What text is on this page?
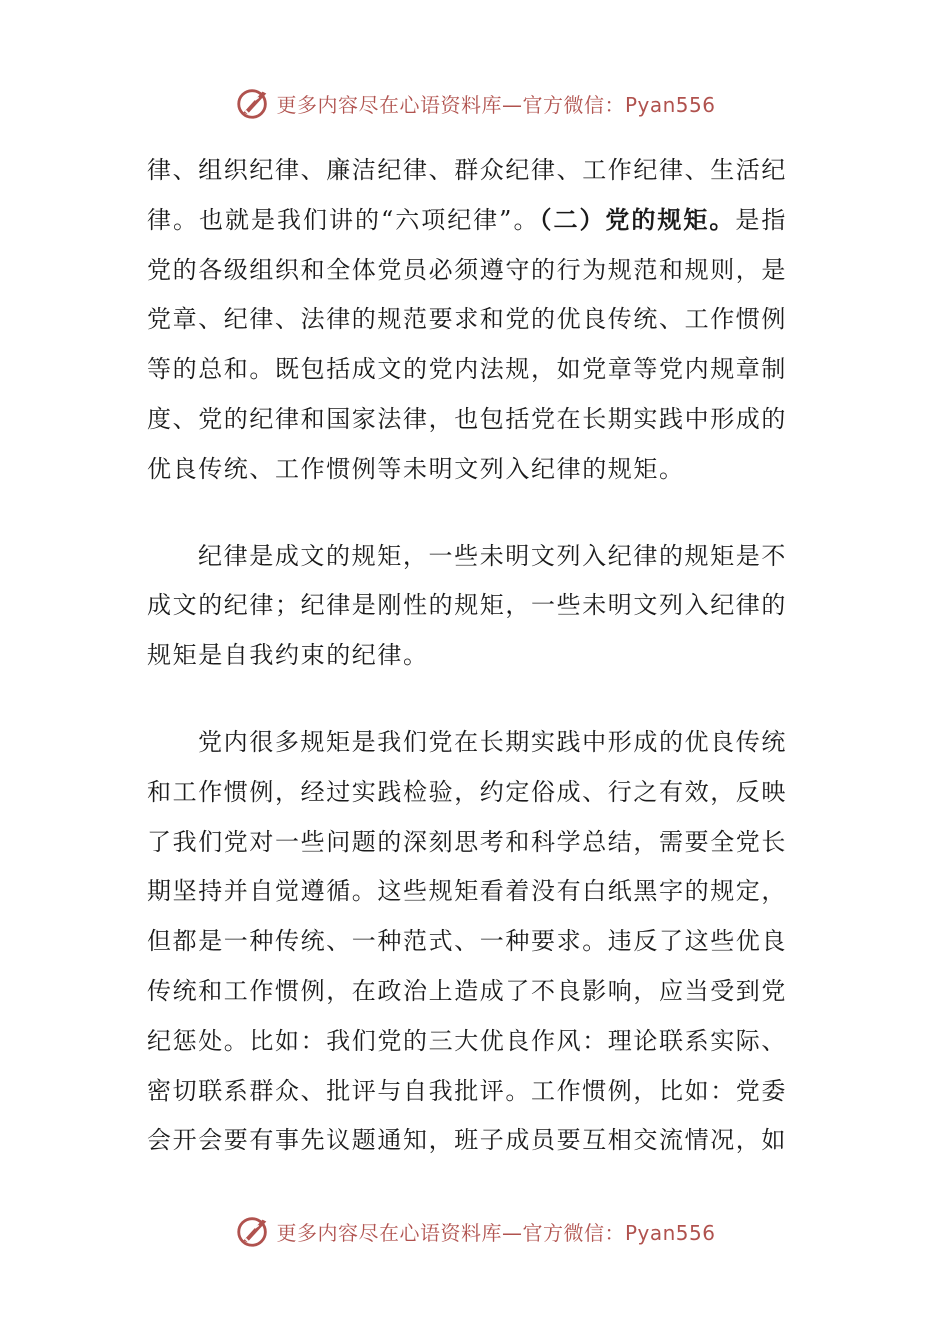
更多内容尽在心语资料库—官方微信：Pyan556

律、组织纪律、廉洁纪律、群众纪律、工作纪律、生活纪律。也就是我们讲的“六项纪律”。（二）党的规矩。是指党的各级组织和全体党员必须遵守的行为规范和规则，是党章、纪律、法律的规范要求和党的优良传统、工作惯例等的总和。既包括成文的党内法规，如党章等党内规章制度、党的纪律和国家法律，也包括党在长期实践中形成的优良传统、工作惯例等未明文列入纪律的规矩。

纪律是成文的规矩，一些未明文列入纪律的规矩是不成文的纪律；纪律是刚性的规矩，一些未明文列入纪律的规矩是自我约束的纪律。

党内很多规矩是我们党在长期实践中形成的优良传统和工作惯例，经过实践检验，约定俗成、行之有效，反映了我们党对一些问题的深刻思考和科学总结，需要全党长期坚持并自觉遵循。这些规矩看着没有白纸黑字的规定，但都是一种传统、一种范式、一种要求。违反了这些优良传统和工作惯例，在政治上造成了不良影响，应当受到党纪惩处。比如：我们党的三大优良作风：理论联系实际、密切联系群众、批评与自我批评。工作惯例，比如：党委会开会要有事先议题通知，班子成员要互相交流情况，如

更多内容尽在心语资料库—官方微信：Pyan556
